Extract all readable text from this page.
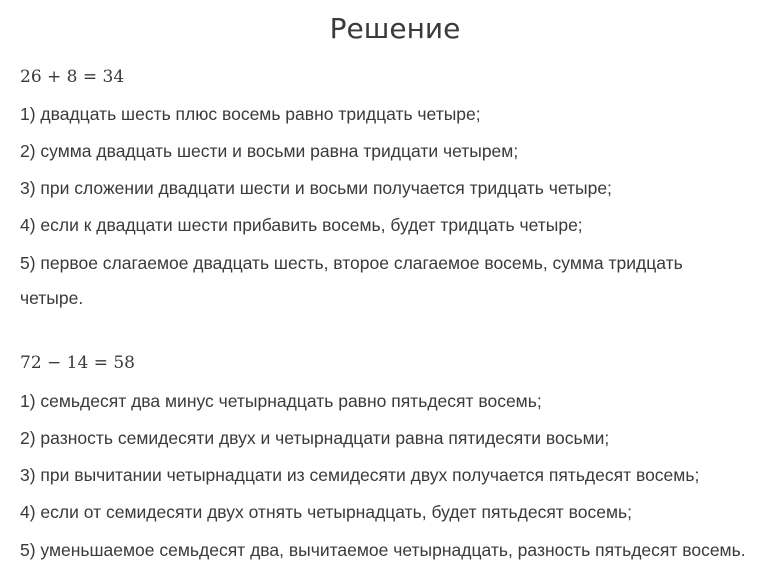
Решение
26 + 8 = 34
1) двадцать шесть плюс восемь равно тридцать четыре;
2) сумма двадцать шести и восьми равна тридцати четырем;
3) при сложении двадцати шести и восьми получается тридцать четыре;
4) если к двадцати шести прибавить восемь, будет тридцать четыре;
5) первое слагаемое двадцать шесть, второе слагаемое восемь, сумма тридцать
четыре.
72 − 14 = 58
1) семьдесят два минус четырнадцать равно пятьдесят восемь;
2) разность семидесяти двух и четырнадцати равна пятидесяти восьми;
3) при вычитании четырнадцати из семидесяти двух получается пятьдесят восемь;
4) если от семидесяти двух отнять четырнадцать, будет пятьдесят восемь;
5) уменьшаемое семьдесят два, вычитаемое четырнадцать, разность пятьдесят восемь.
